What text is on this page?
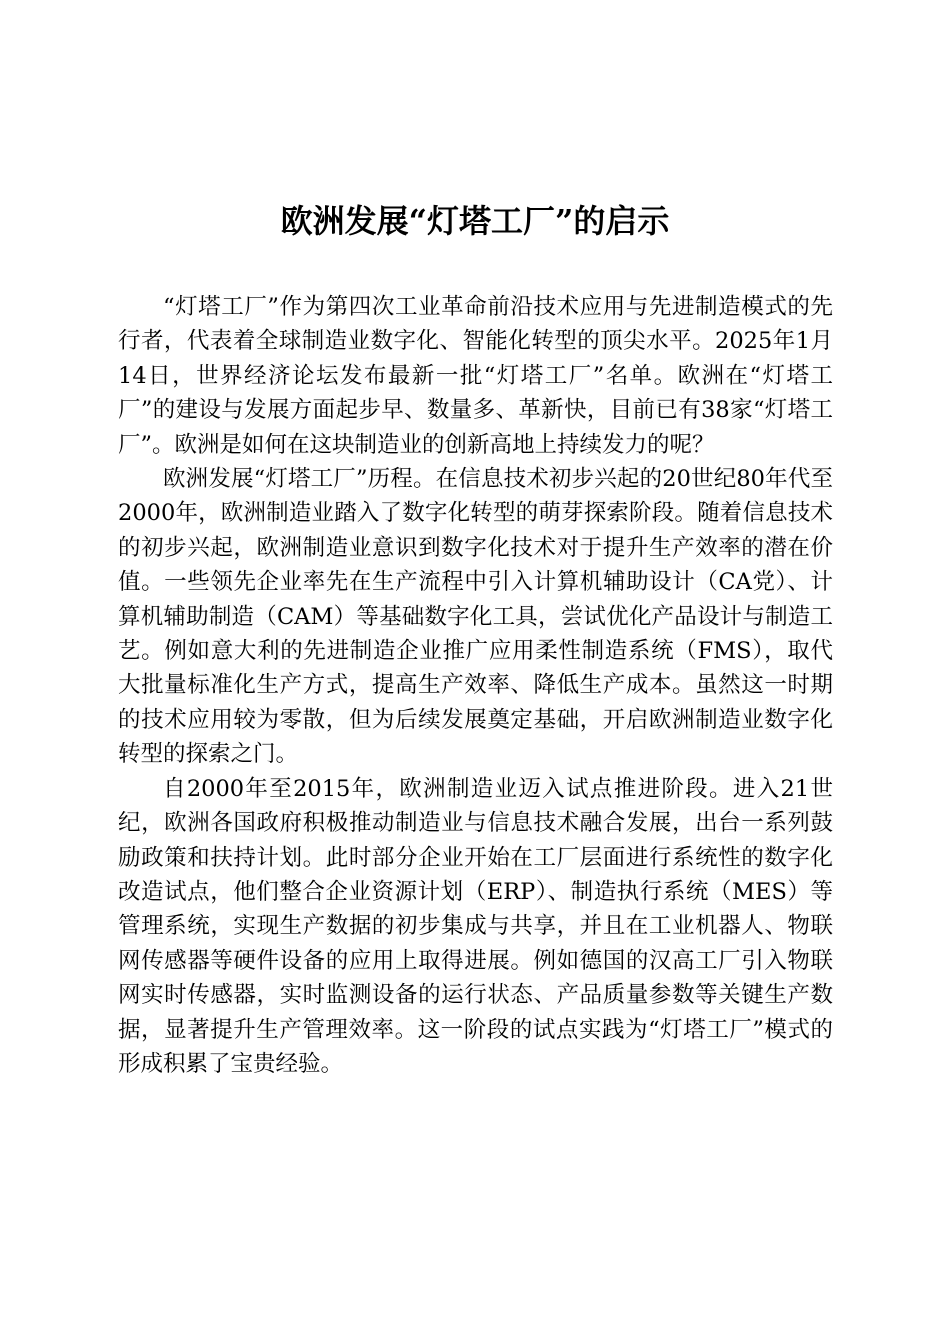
欧洲发展“灯塔工厂”的启示

“灯塔工厂”作为第四次工业革命前沿技术应用与先进制造模式的先行者，代表着全球制造业数字化、智能化转型的顶尖水平。2025年1月14日，世界经济论坛发布最新一批“灯塔工厂”名单。欧洲在“灯塔工厂”的建设与发展方面起步早、数量多、革新快，目前已有38家“灯塔工厂”。欧洲是如何在这块制造业的创新高地上持续发力的呢？

欧洲发展“灯塔工厂”历程。在信息技术初步兴起的20世纪80年代至2000年，欧洲制造业踏入了数字化转型的萌芽探索阶段。随着信息技术的初步兴起，欧洲制造业意识到数字化技术对于提升生产效率的潜在价值。一些领先企业率先在生产流程中引入计算机辅助设计（CA党）、计算机辅助制造（CAM）等基础数字化工具，尝试优化产品设计与制造工艺。例如意大利的先进制造企业推广应用柔性制造系统（FMS），取代大批量标准化生产方式，提高生产效率、降低生产成本。虽然这一时期的技术应用较为零散，但为后续发展奠定基础，开启欧洲制造业数字化转型的探索之门。

自2000年至2015年，欧洲制造业迈入试点推进阶段。进入21世纪，欧洲各国政府积极推动制造业与信息技术融合发展，出台一系列鼓励政策和扶持计划。此时部分企业开始在工厂层面进行系统性的数字化改造试点，他们整合企业资源计划（ERP）、制造执行系统（MES）等管理系统，实现生产数据的初步集成与共享，并且在工业机器人、物联网传感器等硬件设备的应用上取得进展。例如德国的汉高工厂引入物联网实时传感器，实时监测设备的运行状态、产品质量参数等关键生产数据，显著提升生产管理效率。这一阶段的试点实践为“灯塔工厂”模式的形成积累了宝贵经验。
